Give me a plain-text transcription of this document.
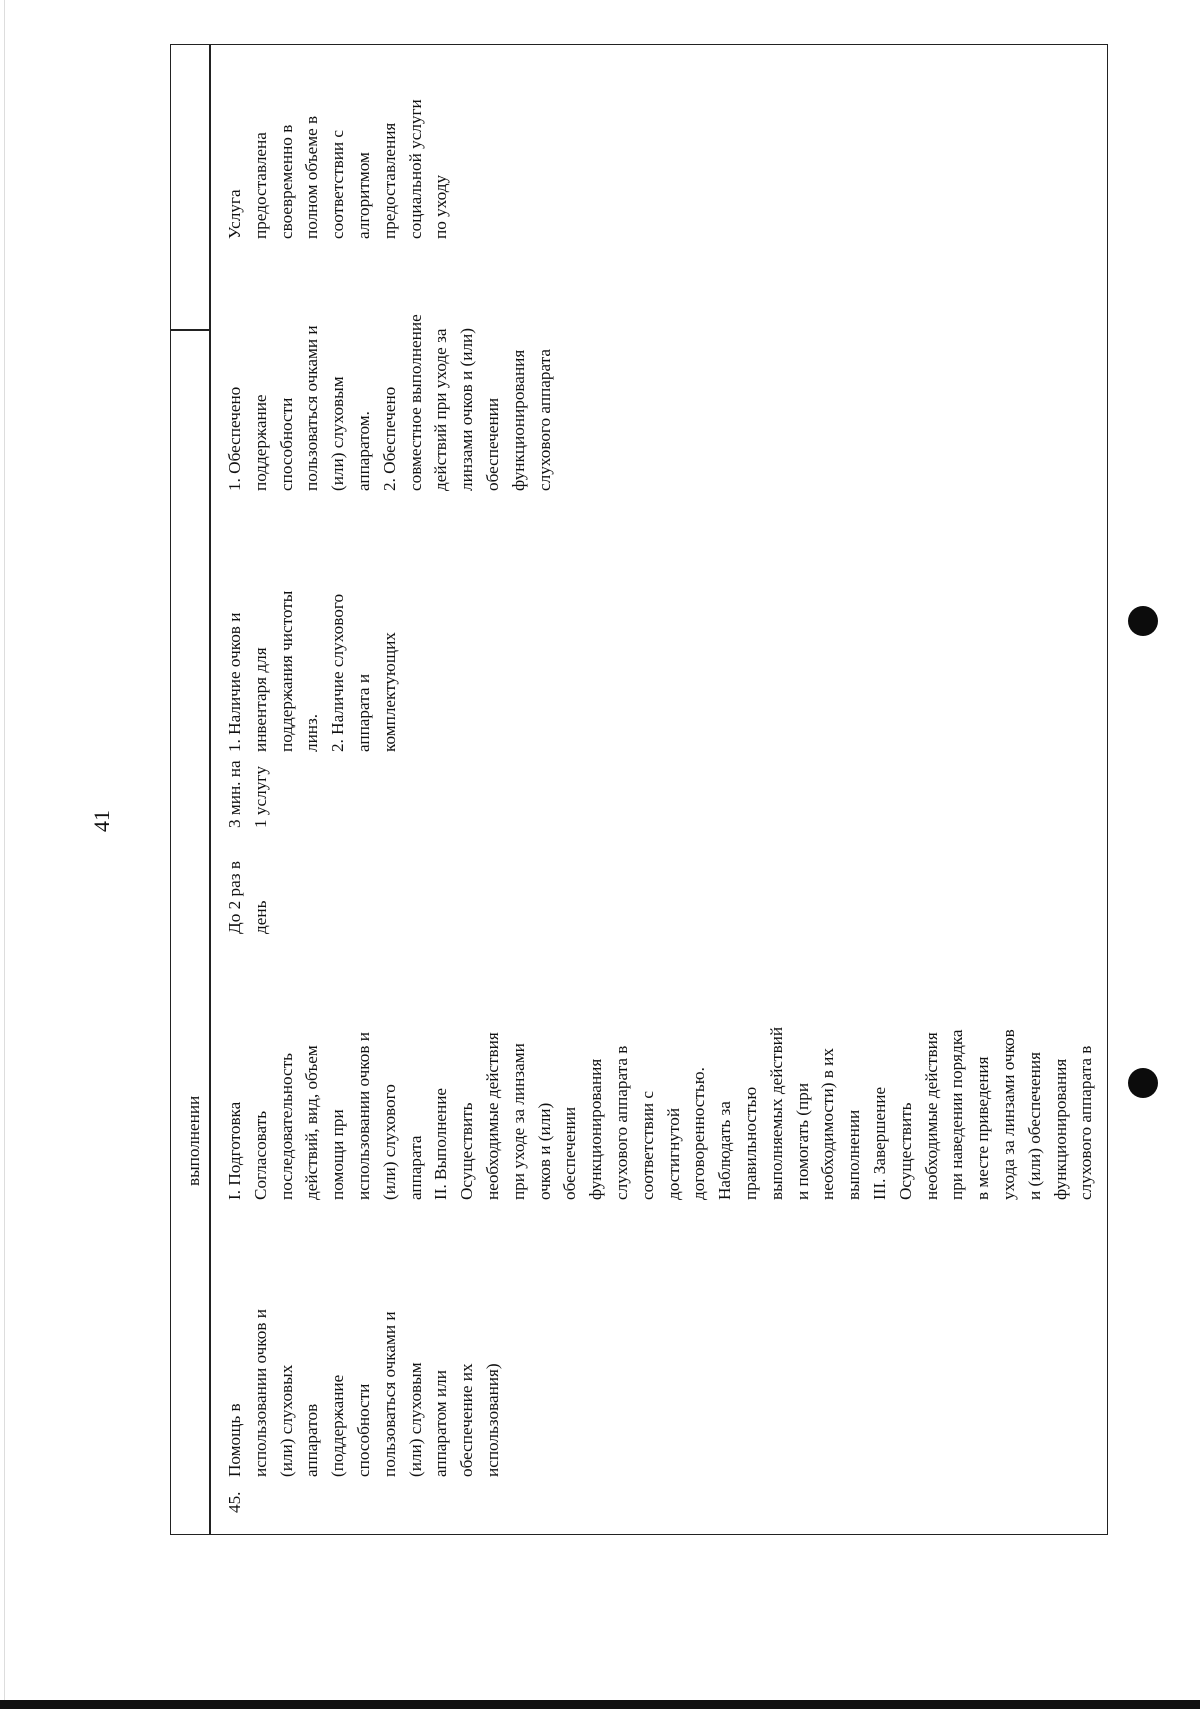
41
выполнении
45.
Помощь в
использовании очков и
(или) слуховых
аппаратов
(поддержание
способности
пользоваться очками и
(или) слуховым
аппаратом или
обеспечение их
использования)
I. Подготовка
Согласовать
последовательность
действий, вид, объем
помощи при
использовании очков и
(или) слухового
аппарата
II. Выполнение
Осуществить
необходимые действия
при уходе за линзами
очков и (или)
обеспечении
функционирования
слухового аппарата в
соответствии с
достигнутой
договоренностью.
Наблюдать за
правильностью
выполняемых действий
и помогать (при
необходимости) в их
выполнении
III. Завершение
Осуществить
необходимые действия
при наведении порядка
в месте приведения
ухода за линзами очков
и (или) обеспечения
функционирования
слухового аппарата в
До 2 раз в
день
3 мин. на
1 услугу
1. Наличие очков и
инвентаря для
поддержания чистоты
линз.
2. Наличие слухового
аппарата и
комплектующих
1. Обеспечено
поддержание
способности
пользоваться очками и
(или) слуховым
аппаратом.
2. Обеспечено
совместное выполнение
действий при уходе за
линзами очков и (или)
обеспечении
функционирования
слухового аппарата
Услуга
предоставлена
своевременно в
полном объеме в
соответствии с
алгоритмом
предоставления
социальной услуги
по уходу
